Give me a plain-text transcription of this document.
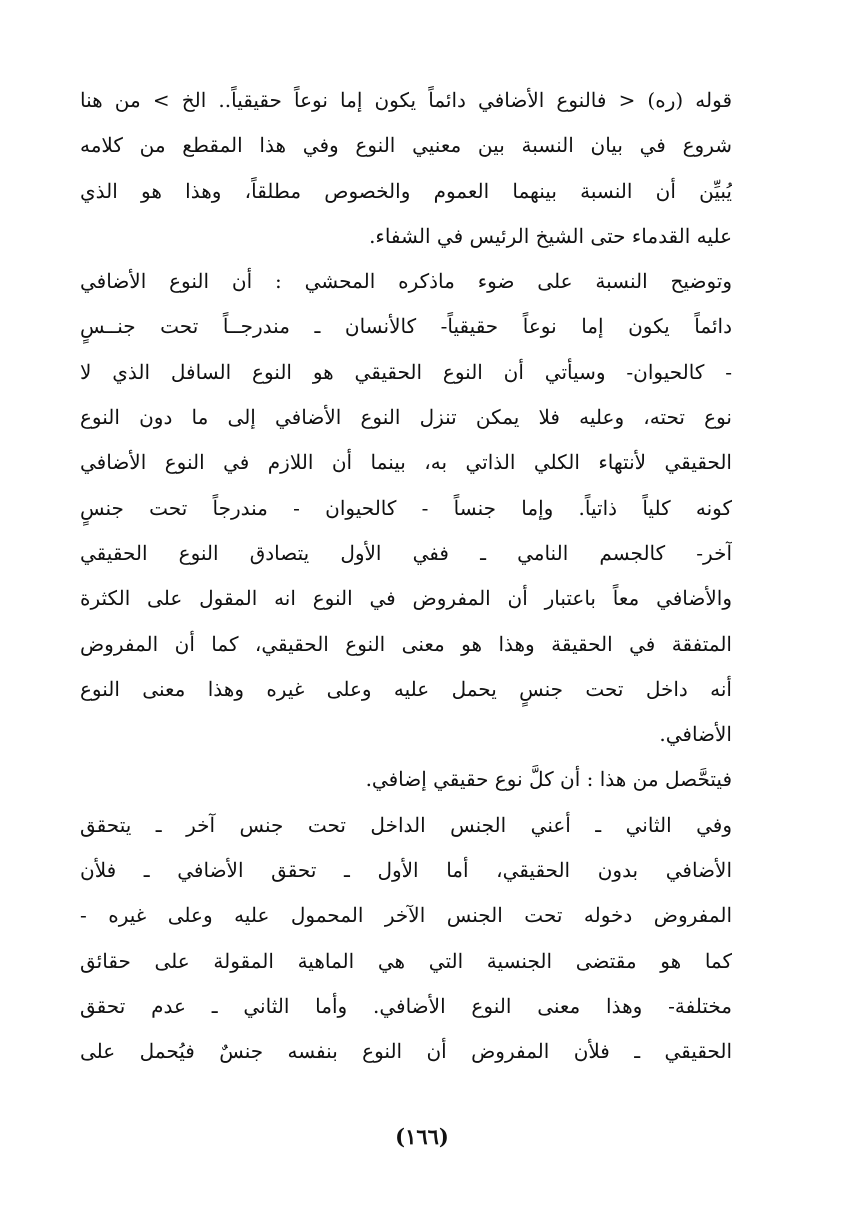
قوله (ره) < فالنوع الأضافي دائماً يكون إما نوعاً حقيقياً.. الخ > من هنا
شروع في بيان النسبة بين معنيي النوع وفي هذا المقطع من كلامه
يُبيِّن أن النسبة بينهما العموم والخصوص مطلقاً، وهذا هو الذي
عليه القدماء حتى الشيخ الرئيس في الشفاء.
وتوضيح النسبة على ضوء ماذكره المحشي : أن النوع الأضافي
دائماً يكون إما نوعاً حقيقياً- كالأنسان ـ مندرجــاً تحت جنــسٍ
- كالحيوان- وسيأتي أن النوع الحقيقي هو النوع السافل الذي لا
نوع تحته، وعليه فلا يمكن تنزل النوع الأضافي إلى ما دون النوع
الحقيقي لأنتهاء الكلي الذاتي به، بينما أن اللازم في النوع الأضافي
كونه كلياً ذاتياً. وإما جنساً - كالحيوان - مندرجاً تحت جنسٍ
آخر- كالجسم النامي ـ ففي الأول يتصادق النوع الحقيقي
والأضافي معاً باعتبار أن المفروض في النوع انه المقول على الكثرة
المتفقة في الحقيقة وهذا هو معنى النوع الحقيقي، كما أن المفروض
أنه داخل تحت جنسٍ يحمل عليه وعلى غيره وهذا معنى النوع
الأضافي.
فيتحَّصل من هذا : أن كلَّ نوع حقيقي إضافي.
وفي الثاني ـ أعني الجنس الداخل تحت جنس آخر ـ يتحقق
الأضافي بدون الحقيقي، أما الأول ـ تحقق الأضافي ـ فلأن
المفروض دخوله تحت الجنس الآخر المحمول عليه وعلى غيره -
كما هو مقتضى الجنسية التي هي الماهية المقولة على حقائق
مختلفة- وهذا معنى النوع الأضافي. وأما الثاني ـ عدم تحقق
الحقيقي ـ فلأن المفروض أن النوع بنفسه جنسٌ فيُحمل على
(١٦٦)
